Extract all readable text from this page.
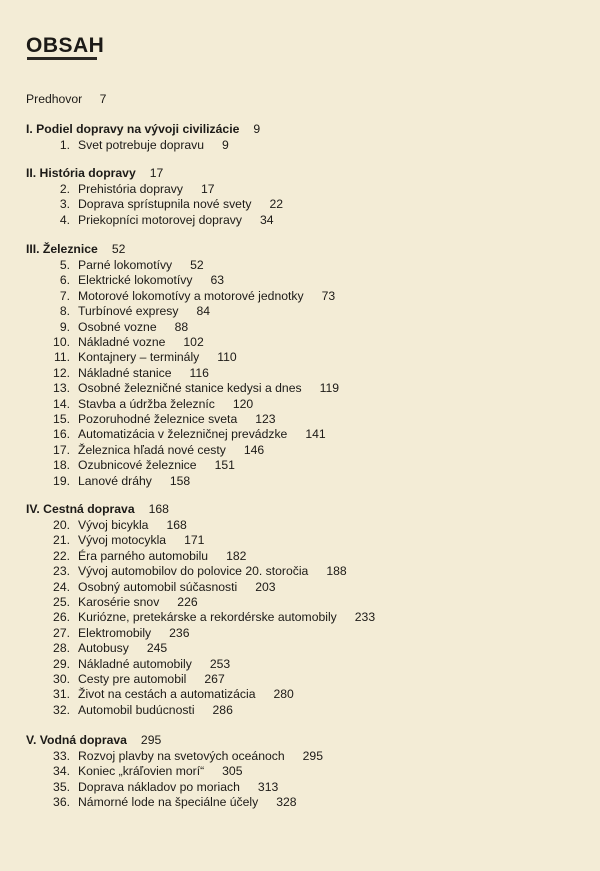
OBSAH
Predhovor 7
I. Podiel dopravy na vývoji civilizácie 9
1. Svet potrebuje dopravu 9
II. História dopravy 17
2. Prehistória dopravy 17
3. Doprava sprístupnila nové svety 22
4. Priekopníci motorovej dopravy 34
III. Železnice 52
5. Parné lokomotívy 52
6. Elektrické lokomotívy 63
7. Motorové lokomotívy a motorové jednotky 73
8. Turbínové expresy 84
9. Osobné vozne 88
10. Nákladné vozne 102
11. Kontajnery – terminály 110
12. Nákladné stanice 116
13. Osobné železničné stanice kedysi a dnes 119
14. Stavba a údržba železníc 120
15. Pozoruhodné železnice sveta 123
16. Automatizácia v železničnej prevádzke 141
17. Železnica hľadá nové cesty 146
18. Ozubnicové železnice 151
19. Lanové dráhy 158
IV. Cestná doprava 168
20. Vývoj bicykla 168
21. Vývoj motocykla 171
22. Éra parného automobilu 182
23. Vývoj automobilov do polovice 20. storočia 188
24. Osobný automobil súčasnosti 203
25. Karosérie snov 226
26. Kuriózne, pretekárske a rekordérske automobily 233
27. Elektromobily 236
28. Autobusy 245
29. Nákladné automobily 253
30. Cesty pre automobil 267
31. Život na cestách a automatizácia 280
32. Automobil budúcnosti 286
V. Vodná doprava 295
33. Rozvoj plavby na svetových oceánoch 295
34. Koniec „kráľovien morí“ 305
35. Doprava nákladov po moriach 313
36. Námorné lode na špeciálne účely 328
